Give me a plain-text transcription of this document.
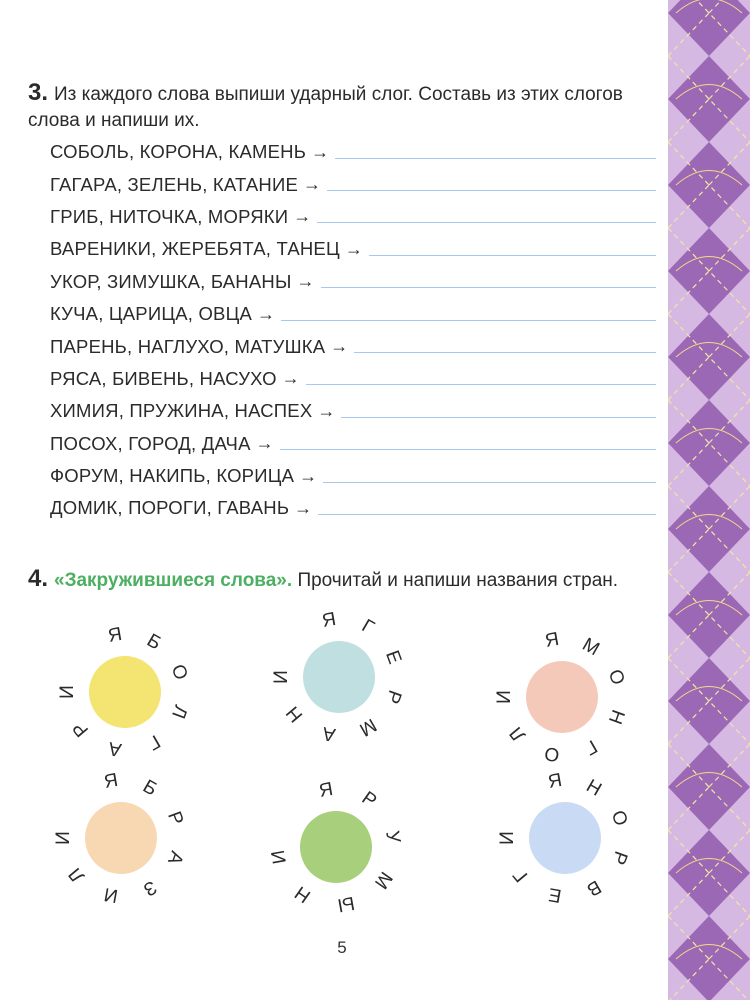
3. Из каждого слова выпиши ударный слог. Составь из этих слогов слова и напиши их.
СОБОЛЬ, КОРОНА, КАМЕНЬ →
ГАГАРА, ЗЕЛЕНЬ, КАТАНИЕ →
ГРИБ, НИТОЧКА, МОРЯКИ →
ВАРЕНИКИ, ЖЕРЕБЯТА, ТАНЕЦ →
УКОР, ЗИМУШКА, БАНАНЫ →
КУЧА, ЦАРИЦА, ОВЦА →
ПАРЕНЬ, НАГЛУХО, МАТУШКА →
РЯСА, БИВЕНЬ, НАСУХО →
ХИМИЯ, ПРУЖИНА, НАСПЕХ →
ПОСОХ, ГОРОД, ДАЧА →
ФОРУМ, НАКИПЬ, КОРИЦА →
ДОМИК, ПОРОГИ, ГАВАНЬ →
4. «Закружившиеся слова». Прочитай и напиши названия стран.
Я	Б
О
Л
Г
А
Р
И
Я	Г
Е
Р
М
А
Н
И
Я М
О
Н
Г
О
Л
И
Я	Б
Р
А
З
И
Л
И
Я	Р
У
М
Ы
Н
И
Я Н
О
Р
В
Е
Г
И
5
